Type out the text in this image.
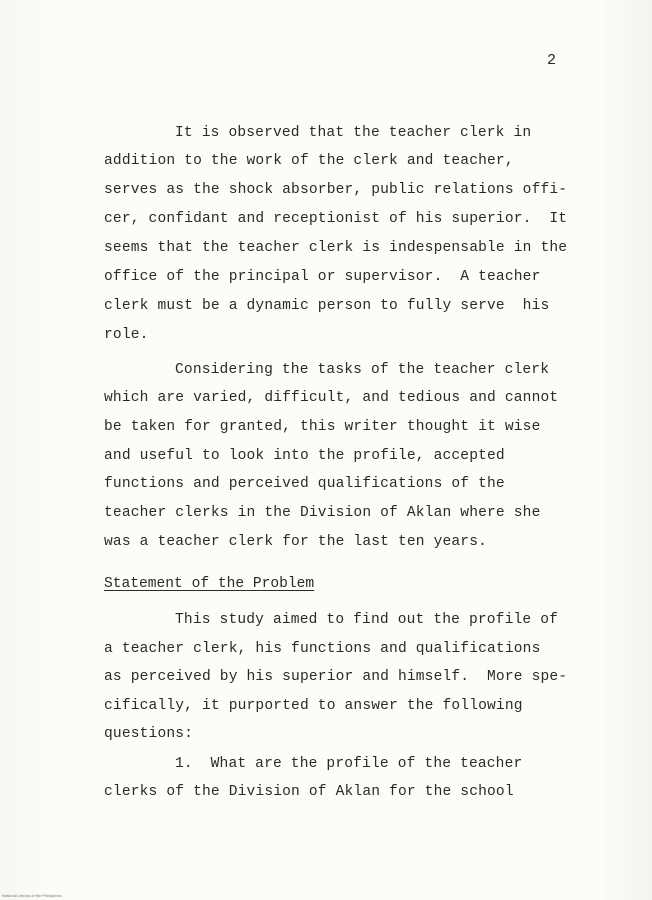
2
It is observed that the teacher clerk in
addition to the work of the clerk and teacher,
serves as the shock absorber, public relations offi-
cer, confidant and receptionist of his superior.  It
seems that the teacher clerk is indespensable in the
office of the principal or supervisor.  A teacher
clerk must be a dynamic person to fully serve  his
role.
Considering the tasks of the teacher clerk
which are varied, difficult, and tedious and cannot
be taken for granted, this writer thought it wise
and useful to look into the profile, accepted
functions and perceived qualifications of the
teacher clerks in the Division of Aklan where she
was a teacher clerk for the last ten years.
Statement of the Problem
This study aimed to find out the profile of
a teacher clerk, his functions and qualifications
as perceived by his superior and himself.  More spe-
cifically, it purported to answer the following
questions:
1.  What are the profile of the teacher
clerks of the Division of Aklan for the school
National Library of the Philippines
